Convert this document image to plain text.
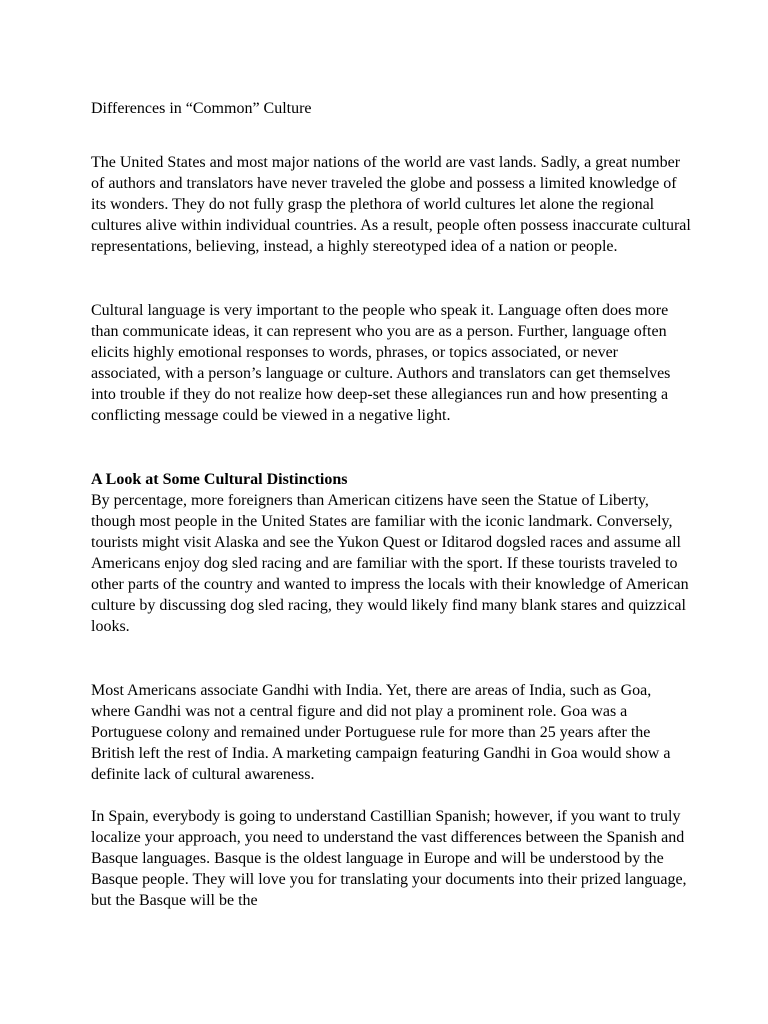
Differences in “Common” Culture

The United States and most major nations of the world are vast lands. Sadly, a great number of authors and translators have never traveled the globe and possess a limited knowledge of its wonders. They do not fully grasp the plethora of world cultures let alone the regional cultures alive within individual countries. As a result, people often possess inaccurate cultural representations, believing, instead, a highly stereotyped idea of a nation or people.

Cultural language is very important to the people who speak it. Language often does more than communicate ideas, it can represent who you are as a person. Further, language often elicits highly emotional responses to words, phrases, or topics associated, or never associated, with a person’s language or culture. Authors and translators can get themselves into trouble if they do not realize how deep-set these allegiances run and how presenting a conflicting message could be viewed in a negative light.

A Look at Some Cultural Distinctions

By percentage, more foreigners than American citizens have seen the Statue of Liberty, though most people in the United States are familiar with the iconic landmark. Conversely, tourists might visit Alaska and see the Yukon Quest or Iditarod dogsled races and assume all Americans enjoy dog sled racing and are familiar with the sport. If these tourists traveled to other parts of the country and wanted to impress the locals with their knowledge of American culture by discussing dog sled racing, they would likely find many blank stares and quizzical looks.

Most Americans associate Gandhi with India. Yet, there are areas of India, such as Goa, where Gandhi was not a central figure and did not play a prominent role. Goa was a Portuguese colony and remained under Portuguese rule for more than 25 years after the British left the rest of India. A marketing campaign featuring Gandhi in Goa would show a definite lack of cultural awareness.

In Spain, everybody is going to understand Castillian Spanish; however, if you want to truly localize your approach, you need to understand the vast differences between the Spanish and Basque languages. Basque is the oldest language in Europe and will be understood by the Basque people. They will love you for translating your documents into their prized language, but the Basque will be the
